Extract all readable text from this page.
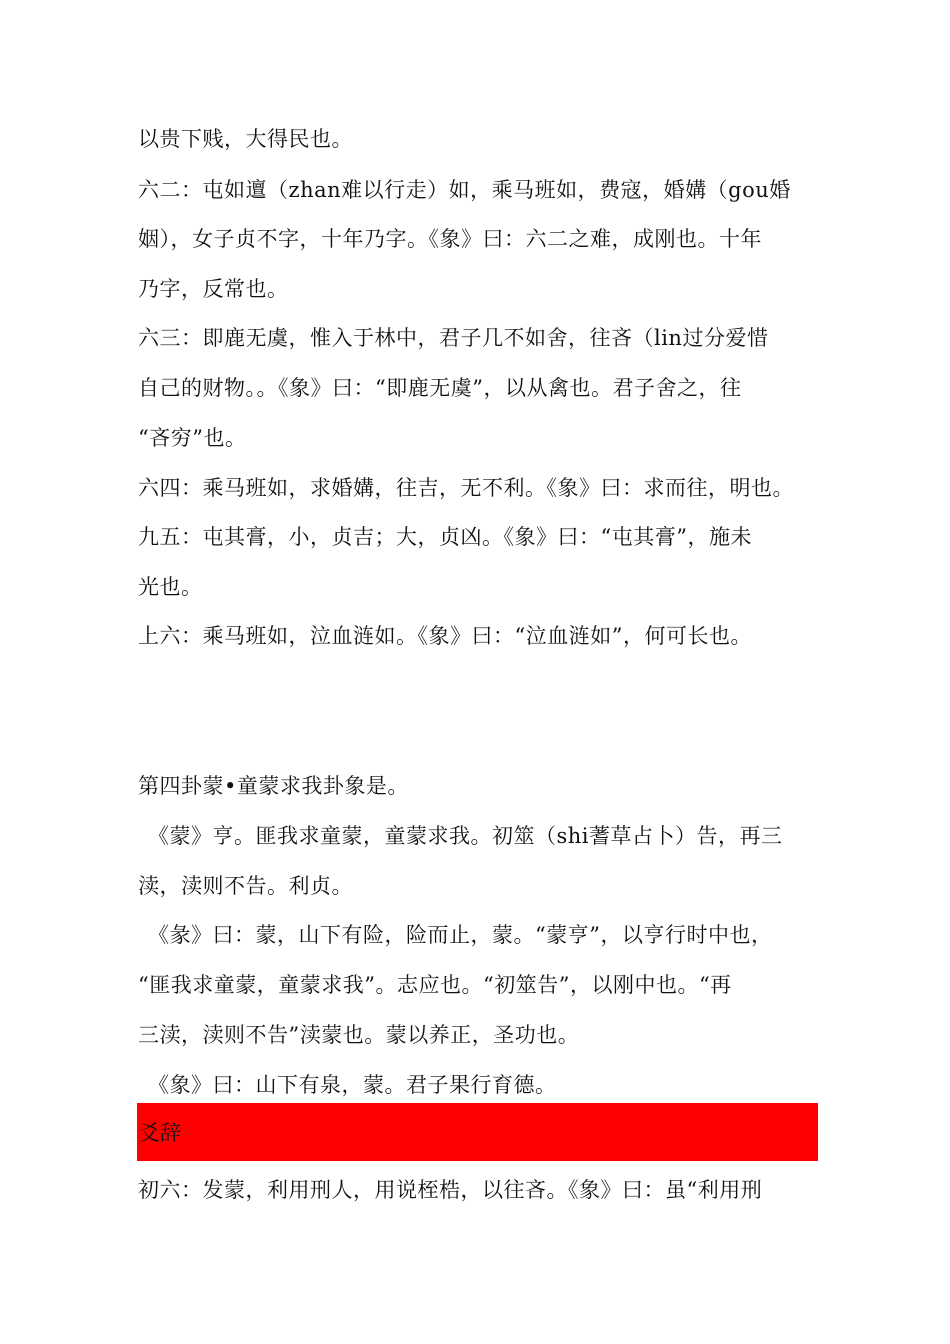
以贵下贱，大得民也。
六二：屯如邅（zhan难以行走）如，乘马班如，费寇，婚媾（gou婚
姻），女子贞不字，十年乃字。《象》曰：六二之难，成刚也。十年
乃字，反常也。
六三：即鹿无虞，惟入于林中，君子几不如舍，往吝（lin过分爱惜
自己的财物。。《象》曰：“即鹿无虞”，以从禽也。君子舍之，往
“吝穷”也。
六四：乘马班如，求婚媾，往吉，无不利。《象》曰：求而往，明也。
九五：屯其膏，小，贞吉；大，贞凶。《象》曰：“屯其膏”，施未
光也。
上六：乘马班如，泣血涟如。《象》曰：“泣血涟如”，何可长也。
第四卦蒙•童蒙求我卦象是。
《蒙》亨。匪我求童蒙，童蒙求我。初筮（shi蓍草占卜）告，再三
渎，渎则不告。利贞。
《彖》曰：蒙，山下有险，险而止，蒙。“蒙亨”，以亨行时中也，
“匪我求童蒙，童蒙求我”。志应也。“初筮告”，以刚中也。“再
三渎，渎则不告”渎蒙也。蒙以养正，圣功也。
《象》曰：山下有泉，蒙。君子果行育德。
爻辞
初六：发蒙，利用刑人，用说桎梏，以往吝。《象》曰：虽“利用刑
